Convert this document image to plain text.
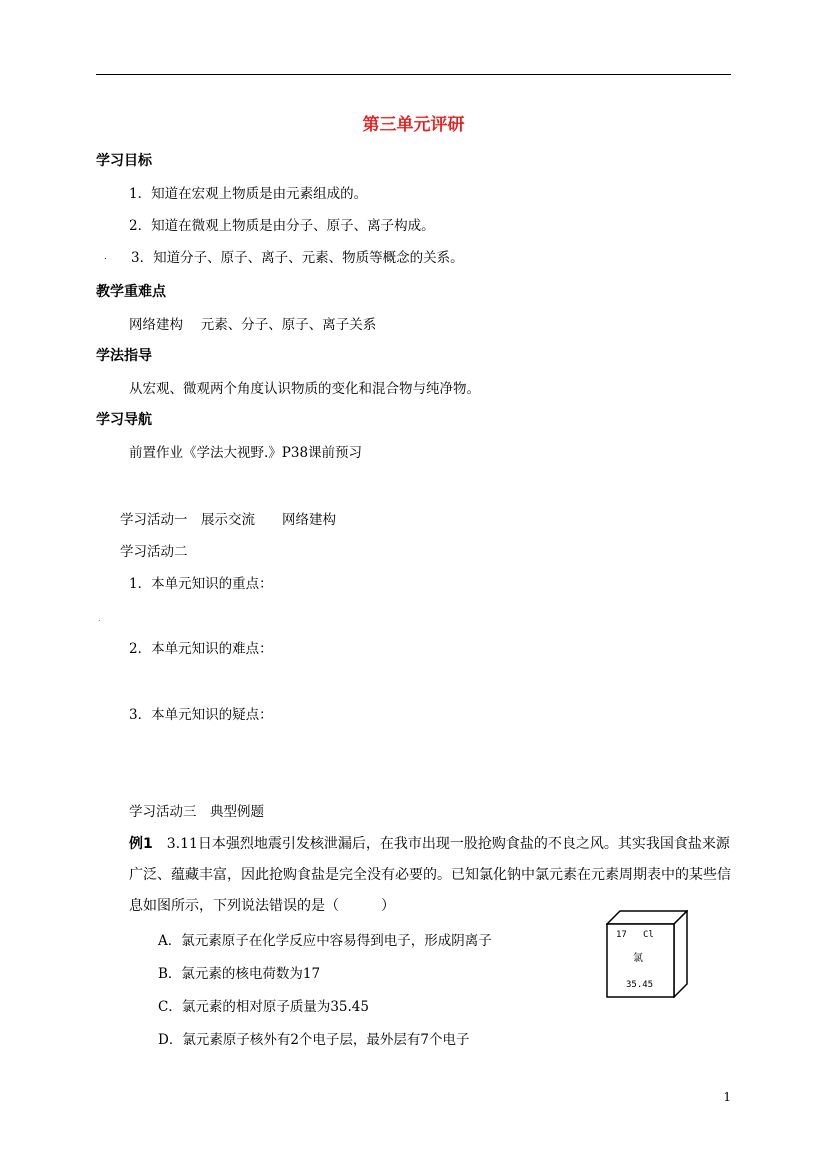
第三单元评研
学习目标
1．知道在宏观上物质是由元素组成的。
2．知道在微观上物质是由分子、原子、离子构成。
. 3．知道分子、原子、离子、元素、物质等概念的关系。
教学重难点
网络建构　 元素、分子、原子、离子关系
学法指导
从宏观、微观两个角度认识物质的变化和混合物与纯净物。
学习导航
前置作业《学法大视野.》P38课前预习
学习活动一　展示交流　　网络建构
学习活动二
1．本单元知识的重点：
.
2．本单元知识的难点：
3．本单元知识的疑点：
学习活动三　典型例题
例1　 3.11日本强烈地震引发核泄漏后，在我市出现一股抢购食盐的不良之风。其实我国食盐来源广泛、蕴藏丰富，因此抢购食盐是完全没有必要的。已知氯化钠中氯元素在元素周期表中的某些信息如图所示，下列说法错误的是（　　　）
A．氯元素原子在化学反应中容易得到电子，形成阴离子
B．氯元素的核电荷数为17
C．氯元素的相对原子质量为35.45
D．氯元素原子核外有2个电子层，最外层有7个电子
17 Cl
氯
35.45
1
